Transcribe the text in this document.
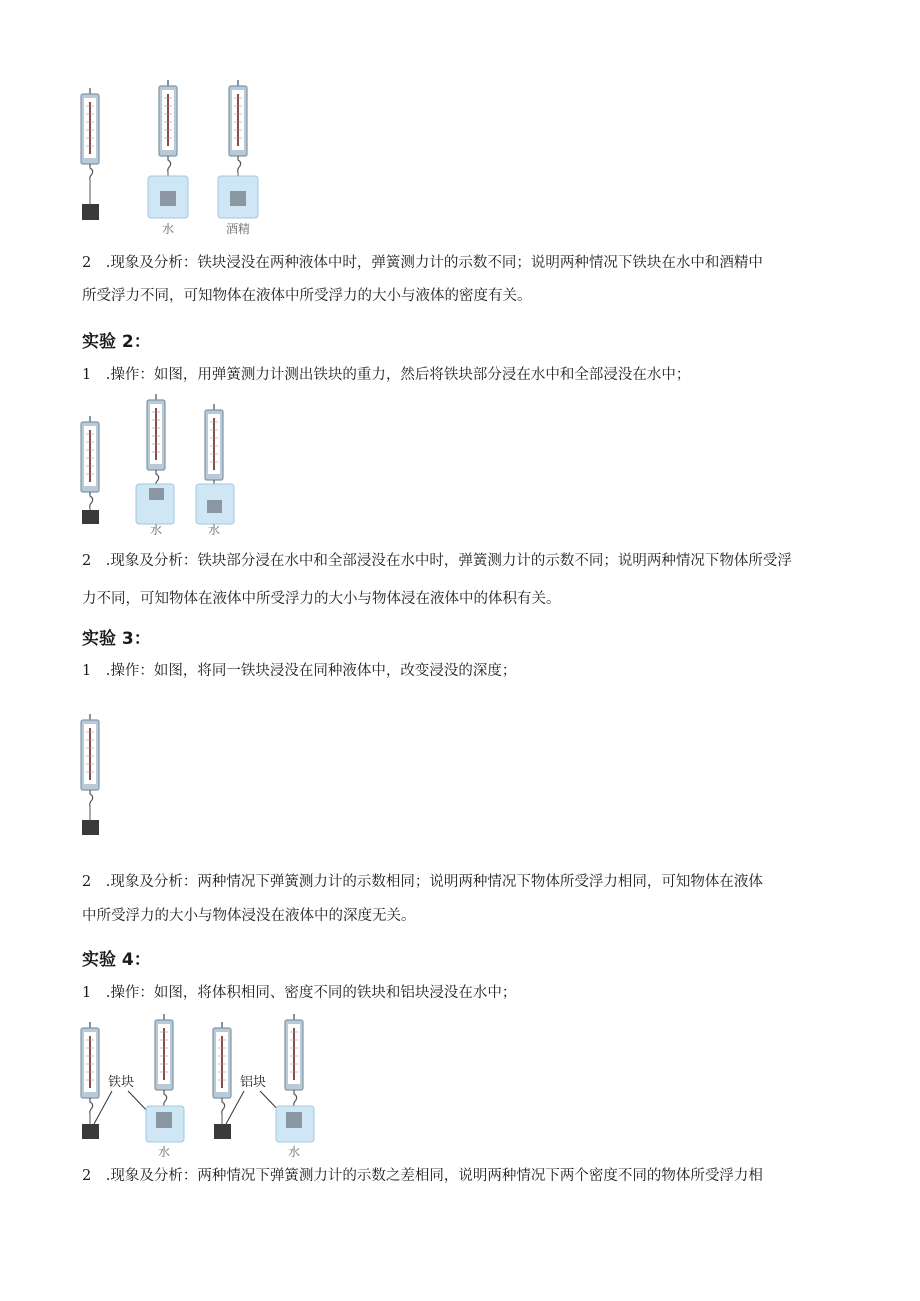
水	酒精
2　.现象及分析：铁块浸没在两种液体中时，弹簧测力计的示数不同；说明两种情况下铁块在水中和酒精中
所受浮力不同，可知物体在液体中所受浮力的大小与液体的密度有关。
实验 2：
1　.操作：如图，用弹簧测力计测出铁块的重力，然后将铁块部分浸在水中和全部浸没在水中；
水	水
2　.现象及分析：铁块部分浸在水中和全部浸没在水中时，弹簧测力计的示数不同；说明两种情况下物体所受浮
力不同，可知物体在液体中所受浮力的大小与物体浸在液体中的体积有关。
实验 3：
1　.操作：如图，将同一铁块浸没在同种液体中，改变浸没的深度；
2　.现象及分析：两种情况下弹簧测力计的示数相同；说明两种情况下物体所受浮力相同，可知物体在液体
中所受浮力的大小与物体浸没在液体中的深度无关。
实验 4：
1　.操作：如图，将体积相同、密度不同的铁块和铝块浸没在水中；
铁块
水
铝块
水
2　.现象及分析：两种情况下弹簧测力计的示数之差相同，说明两种情况下两个密度不同的物体所受浮力相
